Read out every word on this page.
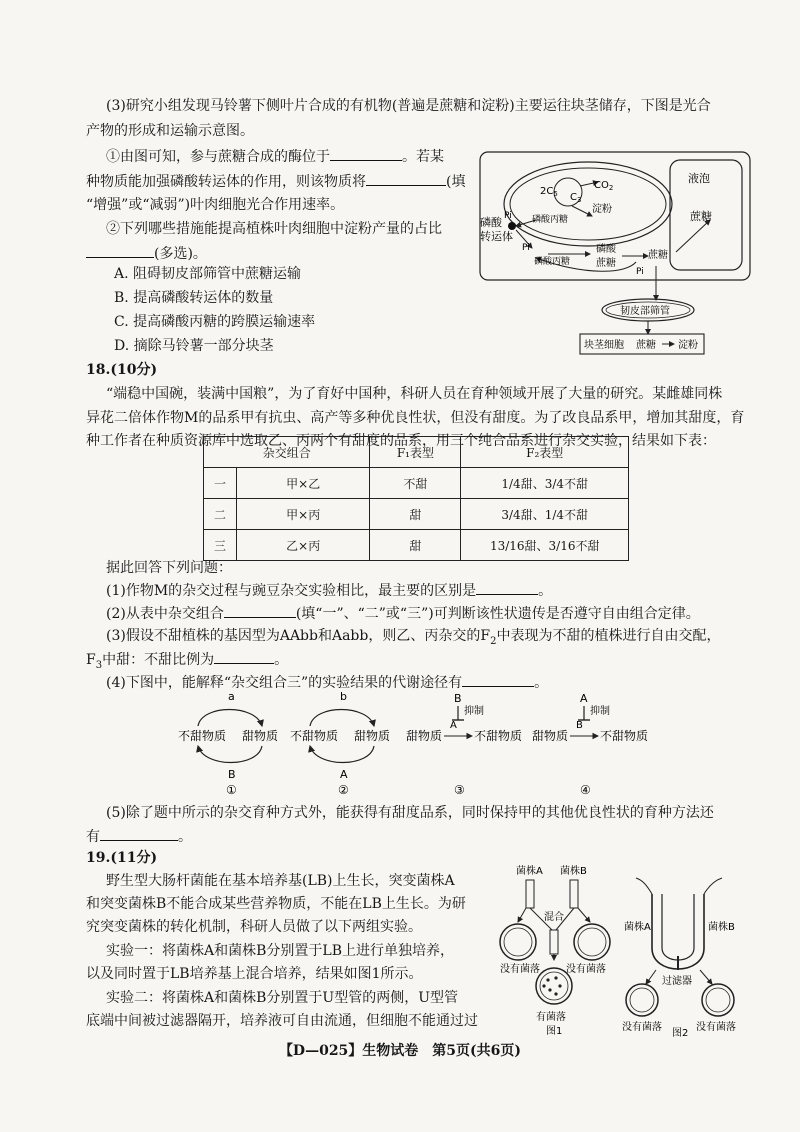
(3)研究小组发现马铃薯下侧叶片合成的有机物(普遍是蔗糖和淀粉)主要运往块茎储存，下图是光合
产物的形成和运输示意图。
①由图可知，参与蔗糖合成的酶位于	。若某
种物质能加强磷酸转运体的作用，则该物质将	(填
“增强”或“减弱”)叶肉细胞光合作用速率。
②下列哪些措施能提高植株叶肉细胞中淀粉产量的占比
(多选)。
A. 阻碍韧皮部筛管中蔗糖运输
B. 提高磷酸转运体的数量
C. 提高磷酸丙糖的跨膜运输速率
D. 摘除马铃薯一部分块茎
$CO_2$
$2C_5$ $C_3$
磷酸丙糖
淀粉
Pi
磷酸
转运体
Pi
磷酸丙糖
磷酸
蔗糖
Pi
蔗糖
液泡
蔗糖
韧皮部筛管
块茎细胞 蔗糖 淀粉
18.(10分)
“端稳中国碗，装满中国粮”，为了育好中国种，科研人员在育种领域开展了大量的研究。某雌雄同株
异花二倍体作物M的品系甲有抗虫、高产等多种优良性状，但没有甜度。为了改良品系甲，增加其甜度，育
种工作者在种质资源库中选取乙、丙两个有甜度的品系，用三个纯合品系进行杂交实验，结果如下表：
杂交组合		F₁表型	F₂表型
一	甲×乙	不甜	1/4甜、3/4不甜
二	甲×丙	甜	3/4甜、1/4不甜
三	乙×丙	甜	13/16甜、3/16不甜
据此回答下列问题：
(1)作物M的杂交过程与豌豆杂交实验相比，最主要的区别是	。
(2)从表中杂交组合	(填“一”、“二”或“三”)可判断该性状遗传是否遵守自由组合定律。
(3)假设不甜植株的基因型为AAbb和Aabb，则乙、丙杂交的$F_2$中表现为不甜的植株进行自由交配，
$F_3$中甜：不甜比例为	。
(4)下图中，能解释“杂交组合三”的实验结果的代谢途径有	。
a
不甜物质 甜物质
B
①
b
不甜物质 甜物质
A
②
B
抑制
A
甜物质	不甜物质
③
A
抑制
B
甜物质	不甜物质
④
(5)除了题中所示的杂交育种方式外，能获得有甜度品系，同时保持甲的其他优良性状的育种方法还
有	。
19.(11分)
野生型大肠杆菌能在基本培养基(LB)上生长，突变菌株A
和突变菌株B不能合成某些营养物质，不能在LB上生长。为研
究突变菌株的转化机制，科研人员做了以下两组实验。
实验一：将菌株A和菌株B分别置于LB上进行单独培养，
以及同时置于LB培养基上混合培养，结果如图1所示。
实验二：将菌株A和菌株B分别置于U型管的两侧，U型管
底端中间被过滤器隔开，培养液可自由流通，但细胞不能通过过
菌株A 菌株B
混合
没有菌落	没有菌落
有菌落
图1
菌株A	菌株B
过滤器
没有菌落	没有菌落
图2
【D—025】生物试卷　第5页(共6页)
